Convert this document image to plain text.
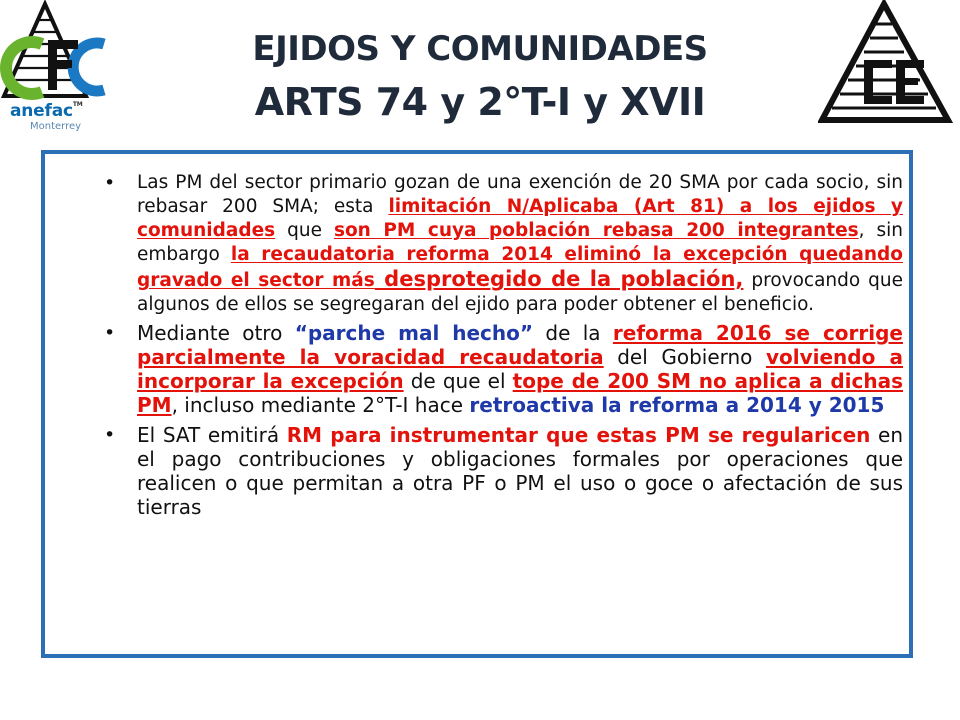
anefac™
Monterrey
EJIDOS Y COMUNIDADES
ARTS 74 y 2°T-I y XVII
• Las PM del sector primario gozan de una exención de 20 SMA por cada socio, sin rebasar 200 SMA; esta limitación N/Aplicaba (Art 81) a los ejidos y comunidades que son PM cuya población rebasa 200 integrantes, sin embargo la recaudatoria reforma 2014 eliminó la excepción quedando gravado el sector más desprotegido de la población, provocando que algunos de ellos se segregaran del ejido para poder obtener el beneficio.
• Mediante otro “parche mal hecho” de la reforma 2016 se corrige parcialmente la voracidad recaudatoria del Gobierno volviendo a incorporar la excepción de que el tope de 200 SM no aplica a dichas PM, incluso mediante 2°T-I hace retroactiva la reforma a 2014 y 2015
• El SAT emitirá RM para instrumentar que estas PM se regularicen en el pago contribuciones y obligaciones formales por operaciones que realicen o que permitan a otra PF o PM el uso o goce o afectación de sus tierras
